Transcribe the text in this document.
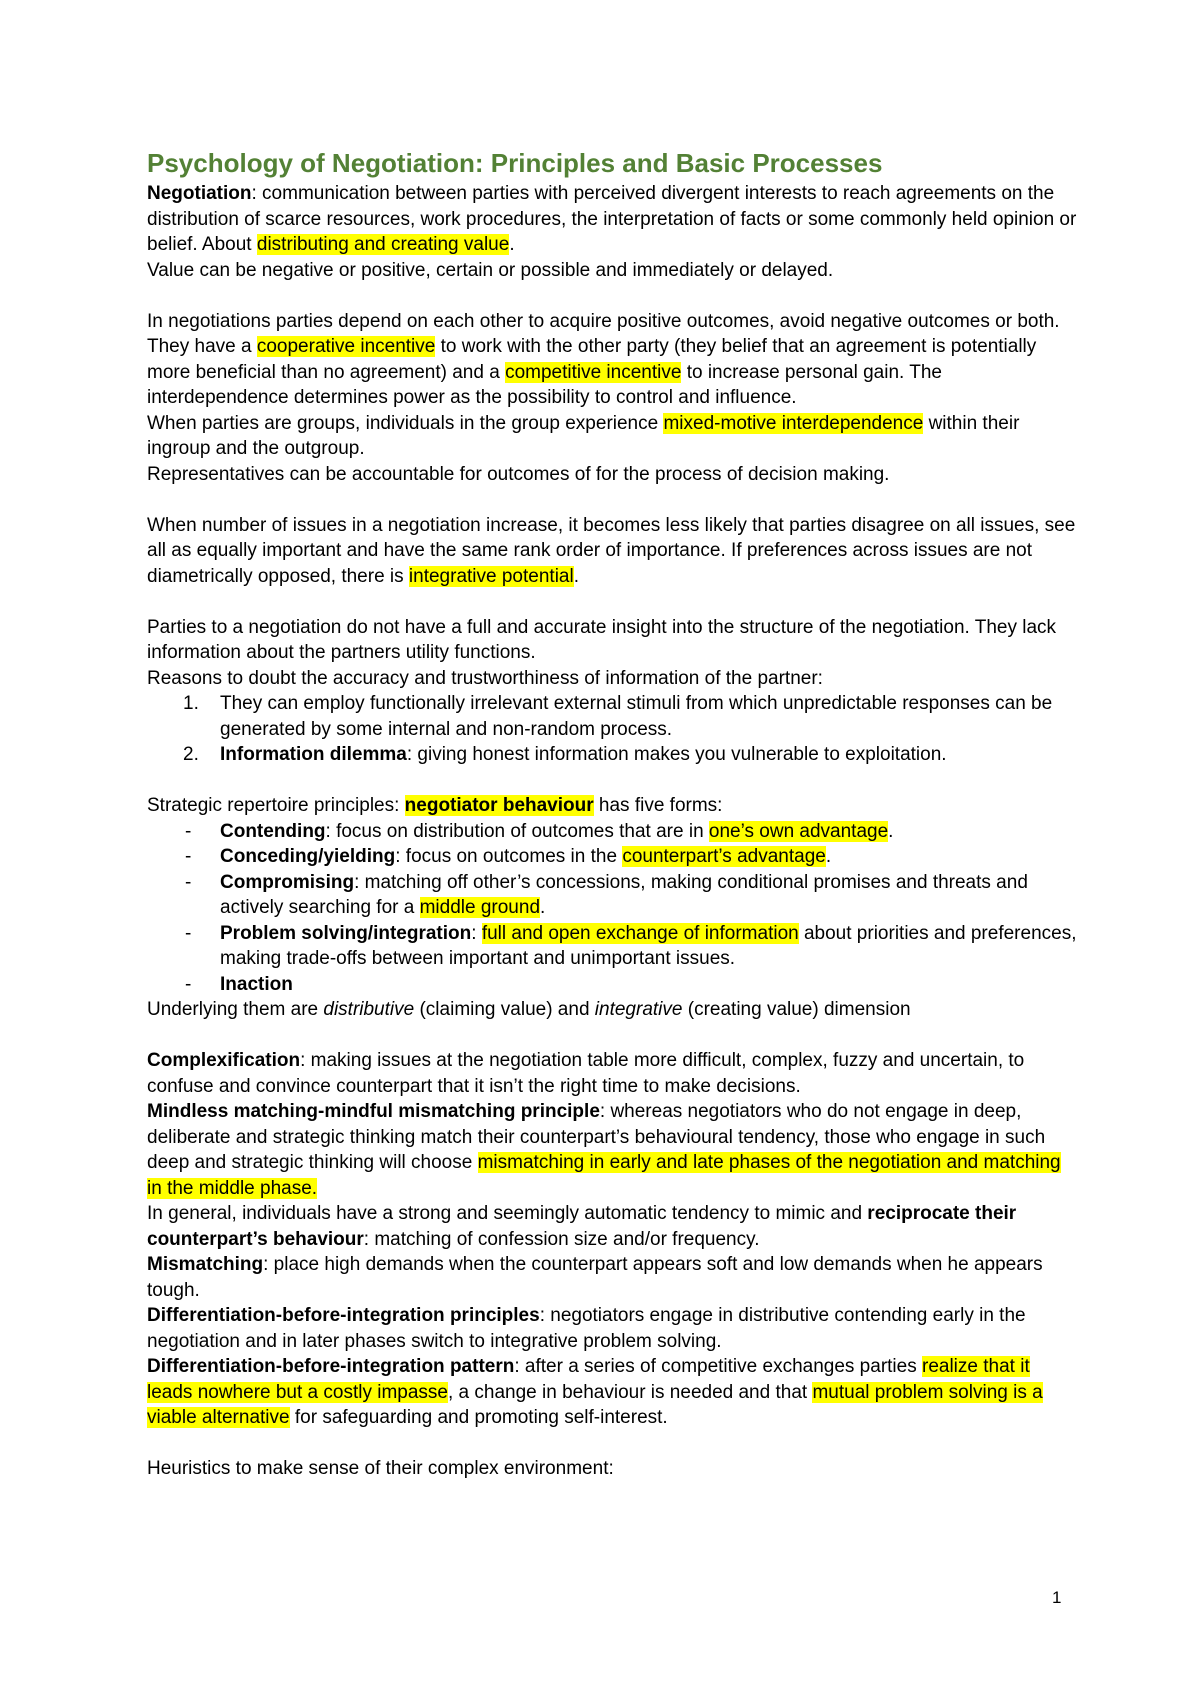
Psychology of Negotiation: Principles and Basic Processes

Negotiation: communication between parties with perceived divergent interests to reach agreements on the distribution of scarce resources, work procedures, the interpretation of facts or some commonly held opinion or belief. About distributing and creating value.

Value can be negative or positive, certain or possible and immediately or delayed.

In negotiations parties depend on each other to acquire positive outcomes, avoid negative outcomes or both. They have a cooperative incentive to work with the other party (they belief that an agreement is potentially more beneficial than no agreement) and a competitive incentive to increase personal gain. The interdependence determines power as the possibility to control and influence.

When parties are groups, individuals in the group experience mixed-motive interdependence within their ingroup and the outgroup.

Representatives can be accountable for outcomes of for the process of decision making.

When number of issues in a negotiation increase, it becomes less likely that parties disagree on all issues, see all as equally important and have the same rank order of importance. If preferences across issues are not diametrically opposed, there is integrative potential.

Parties to a negotiation do not have a full and accurate insight into the structure of the negotiation. They lack information about the partners utility functions.

Reasons to doubt the accuracy and trustworthiness of information of the partner:

1. They can employ functionally irrelevant external stimuli from which unpredictable responses can be generated by some internal and non-random process.
2. Information dilemma: giving honest information makes you vulnerable to exploitation.

Strategic repertoire principles: negotiator behaviour has five forms:

- Contending: focus on distribution of outcomes that are in one’s own advantage.
- Conceding/yielding: focus on outcomes in the counterpart’s advantage.
- Compromising: matching off other’s concessions, making conditional promises and threats and actively searching for a middle ground.
- Problem solving/integration: full and open exchange of information about priorities and preferences, making trade-offs between important and unimportant issues.
- Inaction

Underlying them are distributive (claiming value) and integrative (creating value) dimension

Complexification: making issues at the negotiation table more difficult, complex, fuzzy and uncertain, to confuse and convince counterpart that it isn’t the right time to make decisions.

Mindless matching-mindful mismatching principle: whereas negotiators who do not engage in deep, deliberate and strategic thinking match their counterpart’s behavioural tendency, those who engage in such deep and strategic thinking will choose mismatching in early and late phases of the negotiation and matching in the middle phase.

In general, individuals have a strong and seemingly automatic tendency to mimic and reciprocate their counterpart’s behaviour: matching of confession size and/or frequency.

Mismatching: place high demands when the counterpart appears soft and low demands when he appears tough.

Differentiation-before-integration principles: negotiators engage in distributive contending early in the negotiation and in later phases switch to integrative problem solving.

Differentiation-before-integration pattern: after a series of competitive exchanges parties realize that it leads nowhere but a costly impasse, a change in behaviour is needed and that mutual problem solving is a viable alternative for safeguarding and promoting self-interest.

Heuristics to make sense of their complex environment:

1
